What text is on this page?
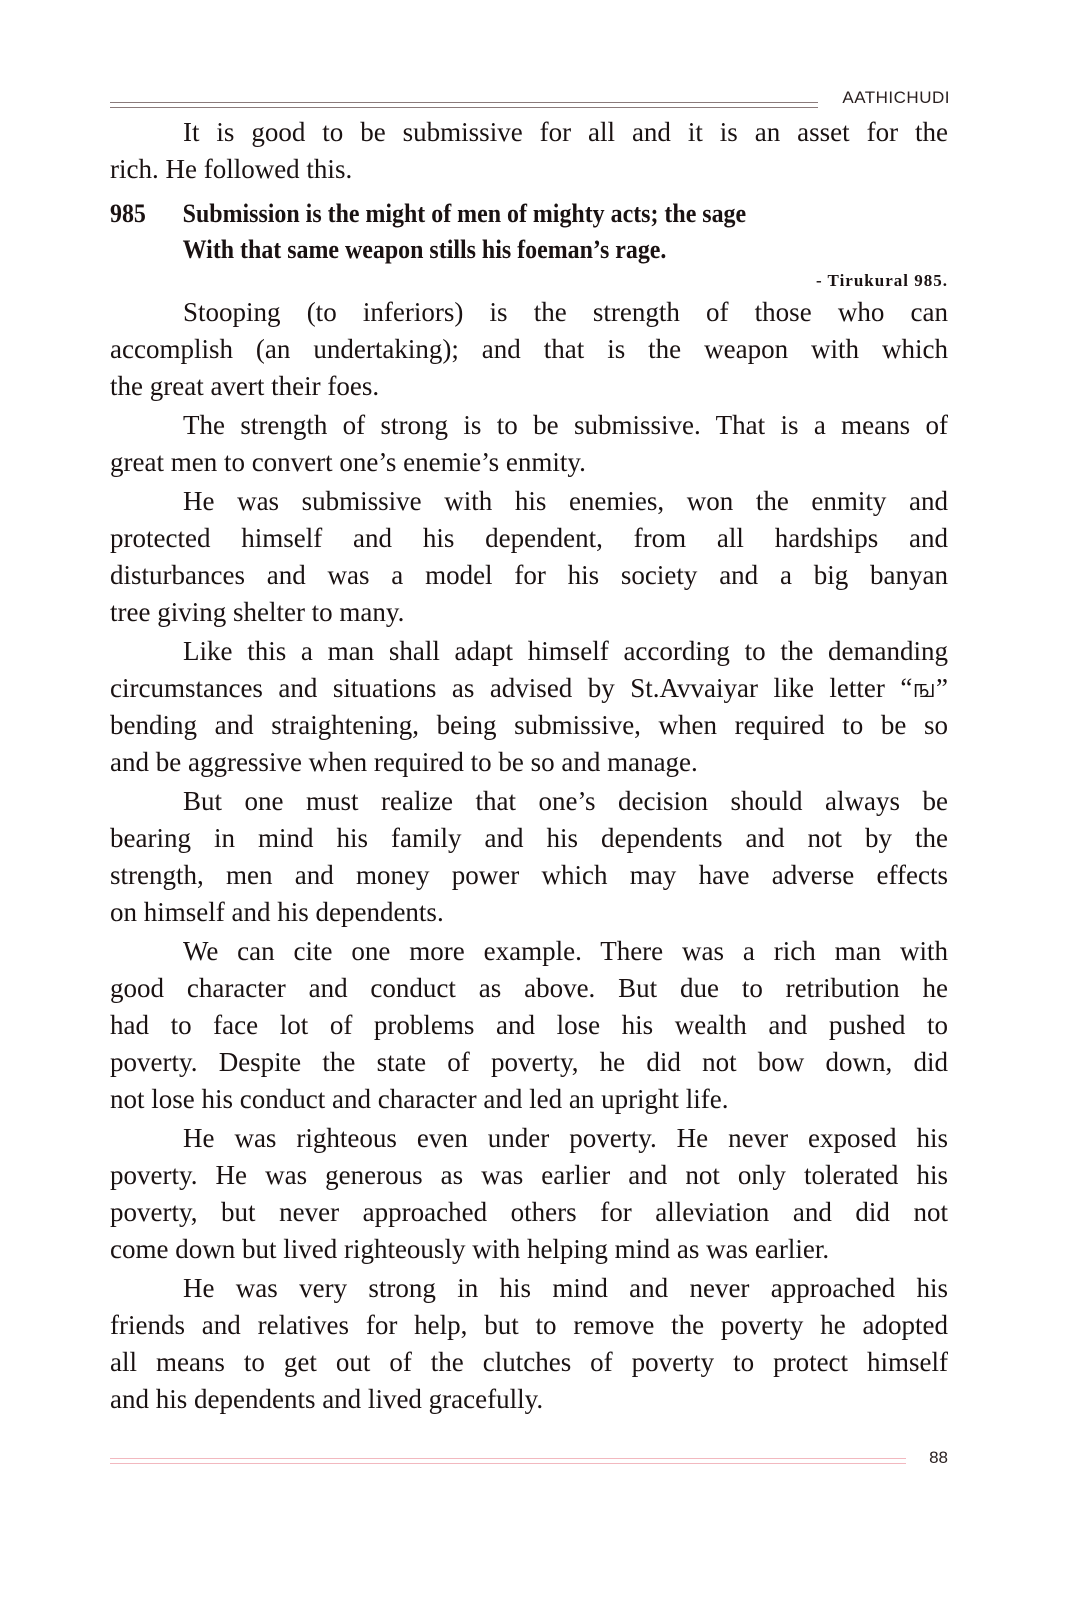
AATHICHUDI
It is good to be submissive for all and it is an asset for the
rich. He followed this.
985	Submission is the might of men of mighty acts; the sage
With that same weapon stills his foeman’s rage.
- Tirukural 985.
Stooping (to inferiors) is the strength of those who can
accomplish (an undertaking); and that is the weapon with which
the great avert their foes.
The strength of strong is to be submissive. That is a means of
great men to convert one’s enemie’s enmity.
He was submissive with his enemies, won the enmity and
protected himself and his dependent, from all hardships and
disturbances and was a model for his society and a big banyan
tree giving shelter to many.
Like this a man shall adapt himself according to the demanding
circumstances and situations as advised by St.Avvaiyar like letter “ங”
bending and straightening, being submissive, when required to be so
and be aggressive when required to be so and manage.
But one must realize that one’s decision should always be
bearing in mind his family and his dependents and not by the
strength, men and money power which may have adverse effects
on himself and his dependents.
We can cite one more example. There was a rich man with
good character and conduct as above. But due to retribution he
had to face lot of problems and lose his wealth and pushed to
poverty. Despite the state of poverty, he did not bow down, did
not lose his conduct and character and led an upright life.
He was righteous even under poverty. He never exposed his
poverty. He was generous as was earlier and not only tolerated his
poverty, but never approached others for alleviation and did not
come down but lived righteously with helping mind as was earlier.
He was very strong in his mind and never approached his
friends and relatives for help, but to remove the poverty he adopted
all means to get out of the clutches of poverty to protect himself
and his dependents and lived gracefully.
88
